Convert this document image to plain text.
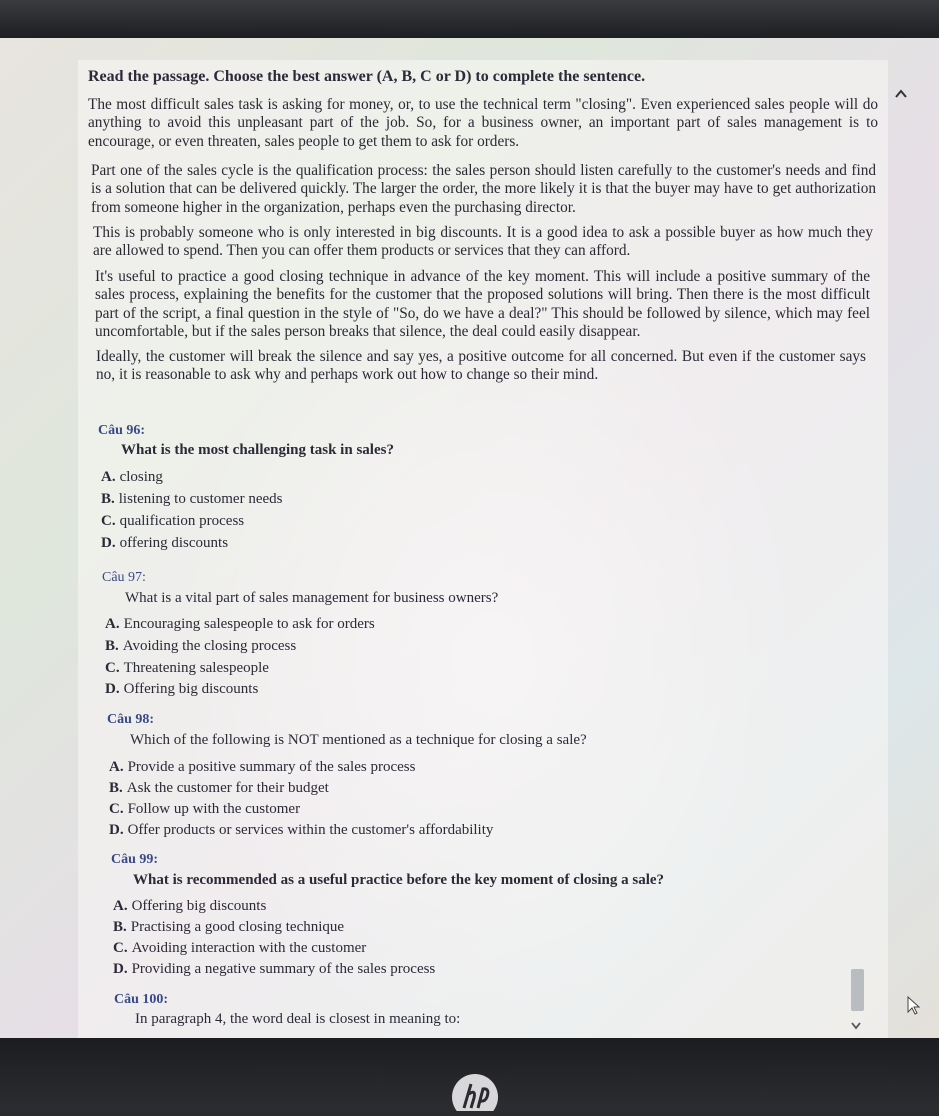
Read the passage. Choose the best answer (A, B, C or D) to complete the sentence.

The most difficult sales task is asking for money, or, to use the technical term "closing". Even experienced sales people will do anything to avoid this unpleasant part of the job. So, for a business owner, an important part of sales management is to encourage, or even threaten, sales people to get them to ask for orders.

Part one of the sales cycle is the qualification process: the sales person should listen carefully to the customer's needs and find is a solution that can be delivered quickly. The larger the order, the more likely it is that the buyer may have to get authorization from someone higher in the organization, perhaps even the purchasing director.

This is probably someone who is only interested in big discounts. It is a good idea to ask a possible buyer as how much they are allowed to spend. Then you can offer them products or services that they can afford.

It's useful to practice a good closing technique in advance of the key moment. This will include a positive summary of the sales process, explaining the benefits for the customer that the proposed solutions will bring. Then there is the most difficult part of the script, a final question in the style of "So, do we have a deal?" This should be followed by silence, which may feel uncomfortable, but if the sales person breaks that silence, the deal could easily disappear.

Ideally, the customer will break the silence and say yes, a positive outcome for all concerned. But even if the customer says no, it is reasonable to ask why and perhaps work out how to change so their mind.

Câu 96:
What is the most challenging task in sales?
A. closing
B. listening to customer needs
C. qualification process
D. offering discounts
Câu 97:
What is a vital part of sales management for business owners?
A. Encouraging salespeople to ask for orders
B. Avoiding the closing process
C. Threatening salespeople
D. Offering big discounts
Câu 98:
Which of the following is NOT mentioned as a technique for closing a sale?
A. Provide a positive summary of the sales process
B. Ask the customer for their budget
C. Follow up with the customer
D. Offer products or services within the customer's affordability
Câu 99:
What is recommended as a useful practice before the key moment of closing a sale?
A. Offering big discounts
B. Practising a good closing technique
C. Avoiding interaction with the customer
D. Providing a negative summary of the sales process
Câu 100:
In paragraph 4, the word deal is closest in meaning to:
